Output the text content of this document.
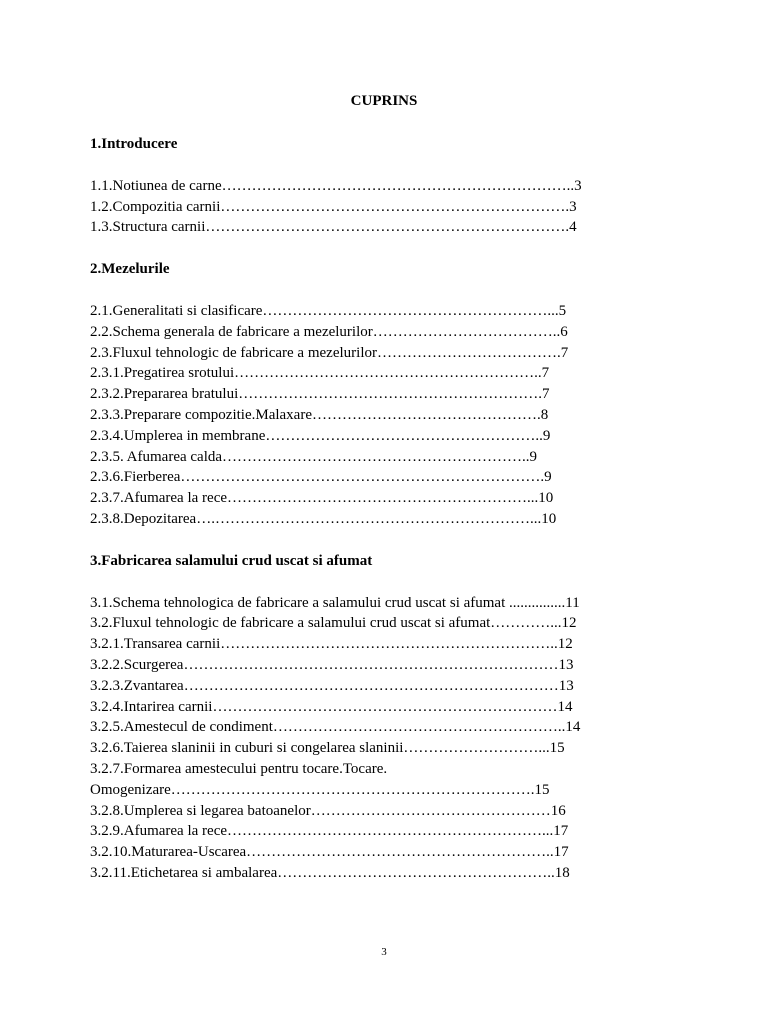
CUPRINS
1.Introducere
1.1.Notiunea de carne……………………………………………………………..3
1.2.Compozitia carnii…………………………………………………………….3
1.3.Structura carnii……………………………………………………………….4
2.Mezelurile
2.1.Generalitati si clasificare…………………………………………………...5
2.2.Schema generala de fabricare a mezelurilor………………………………..6
2.3.Fluxul tehnologic de fabricare a mezelurilor……………………………….7
2.3.1.Pregatirea srotului……………………………………………………..7
2.3.2.Prepararea bratului…………………………………………………….7
2.3.3.Preparare compozitie.Malaxare……………………………………….8
2.3.4.Umplerea in membrane………………………………………………..9
2.3.5. Afumarea calda……………………………………………………..9
2.3.6.Fierberea……………………………………………………………….9
2.3.7.Afumarea la rece……………………………………………………...10
2.3.8.Depozitarea….………………………………………………………...10
3.Fabricarea salamului crud uscat si afumat
3.1.Schema tehnologica de fabricare a salamului crud uscat si afumat ...............11
3.2.Fluxul tehnologic de fabricare a salamului crud uscat si afumat…………...12
3.2.1.Transarea carnii…………………………………………………………..12
3.2.2.Scurgerea…………………………………………………………………13
3.2.3.Zvantarea…………………………………………………………………13
3.2.4.Intarirea carnii……………………………………………………………14
3.2.5.Amestecul de condiment…………………………………………………..14
3.2.6.Taierea slaninii in cuburi si congelarea slaninii………………………...15
3.2.7.Formarea amestecului pentru tocare.Tocare.
Omogenizare……………………………………………………………….15
3.2.8.Umplerea si legarea batoanelor…………………………………………16
3.2.9.Afumarea la rece………………………………………………………...17
3.2.10.Maturarea-Uscarea……………………………………………………..17
3.2.11.Etichetarea si ambalarea………………………………………………..18
3
